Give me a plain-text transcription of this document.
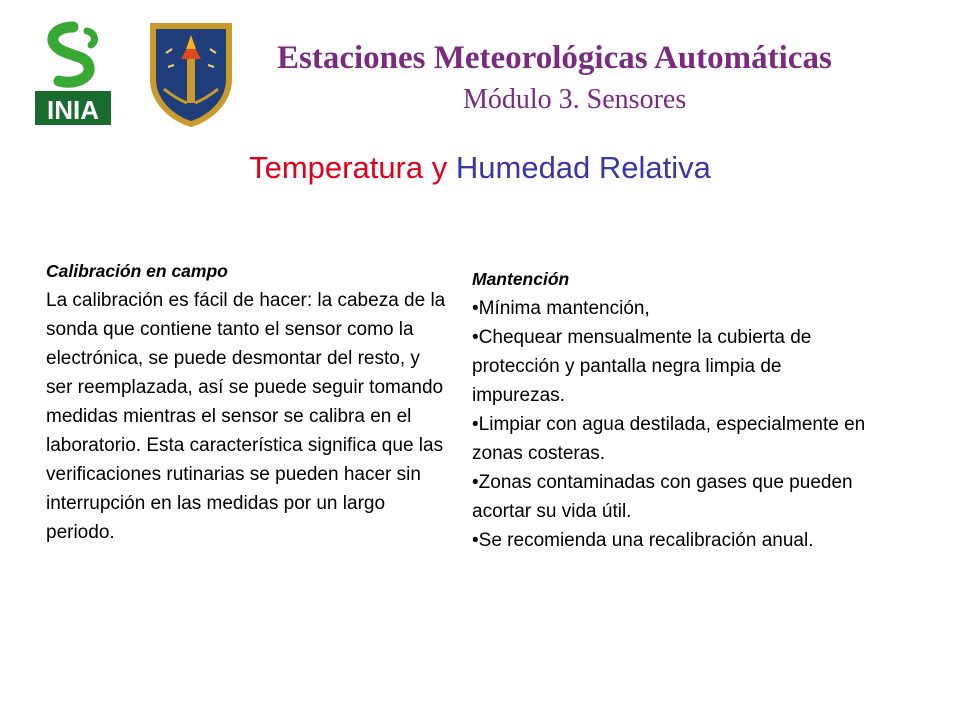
INIA
Estaciones Meteorológicas Automáticas
Módulo 3. Sensores
Temperatura y Humedad Relativa
Calibración en campo

La calibración es fácil de hacer: la cabeza de la sonda que contiene tanto el sensor como la electrónica, se puede desmontar del resto, y ser reemplazada, así se puede seguir tomando medidas mientras el sensor se calibra en el laboratorio. Esta característica significa que las verificaciones rutinarias se pueden hacer sin interrupción en las medidas por un largo periodo.

Mantención

•Mínima mantención,

•Chequear mensualmente la cubierta de protección y pantalla negra limpia de impurezas.

•Limpiar con agua destilada, especialmente en zonas costeras.

•Zonas contaminadas con gases que pueden acortar su vida útil.

•Se recomienda una recalibración anual.
